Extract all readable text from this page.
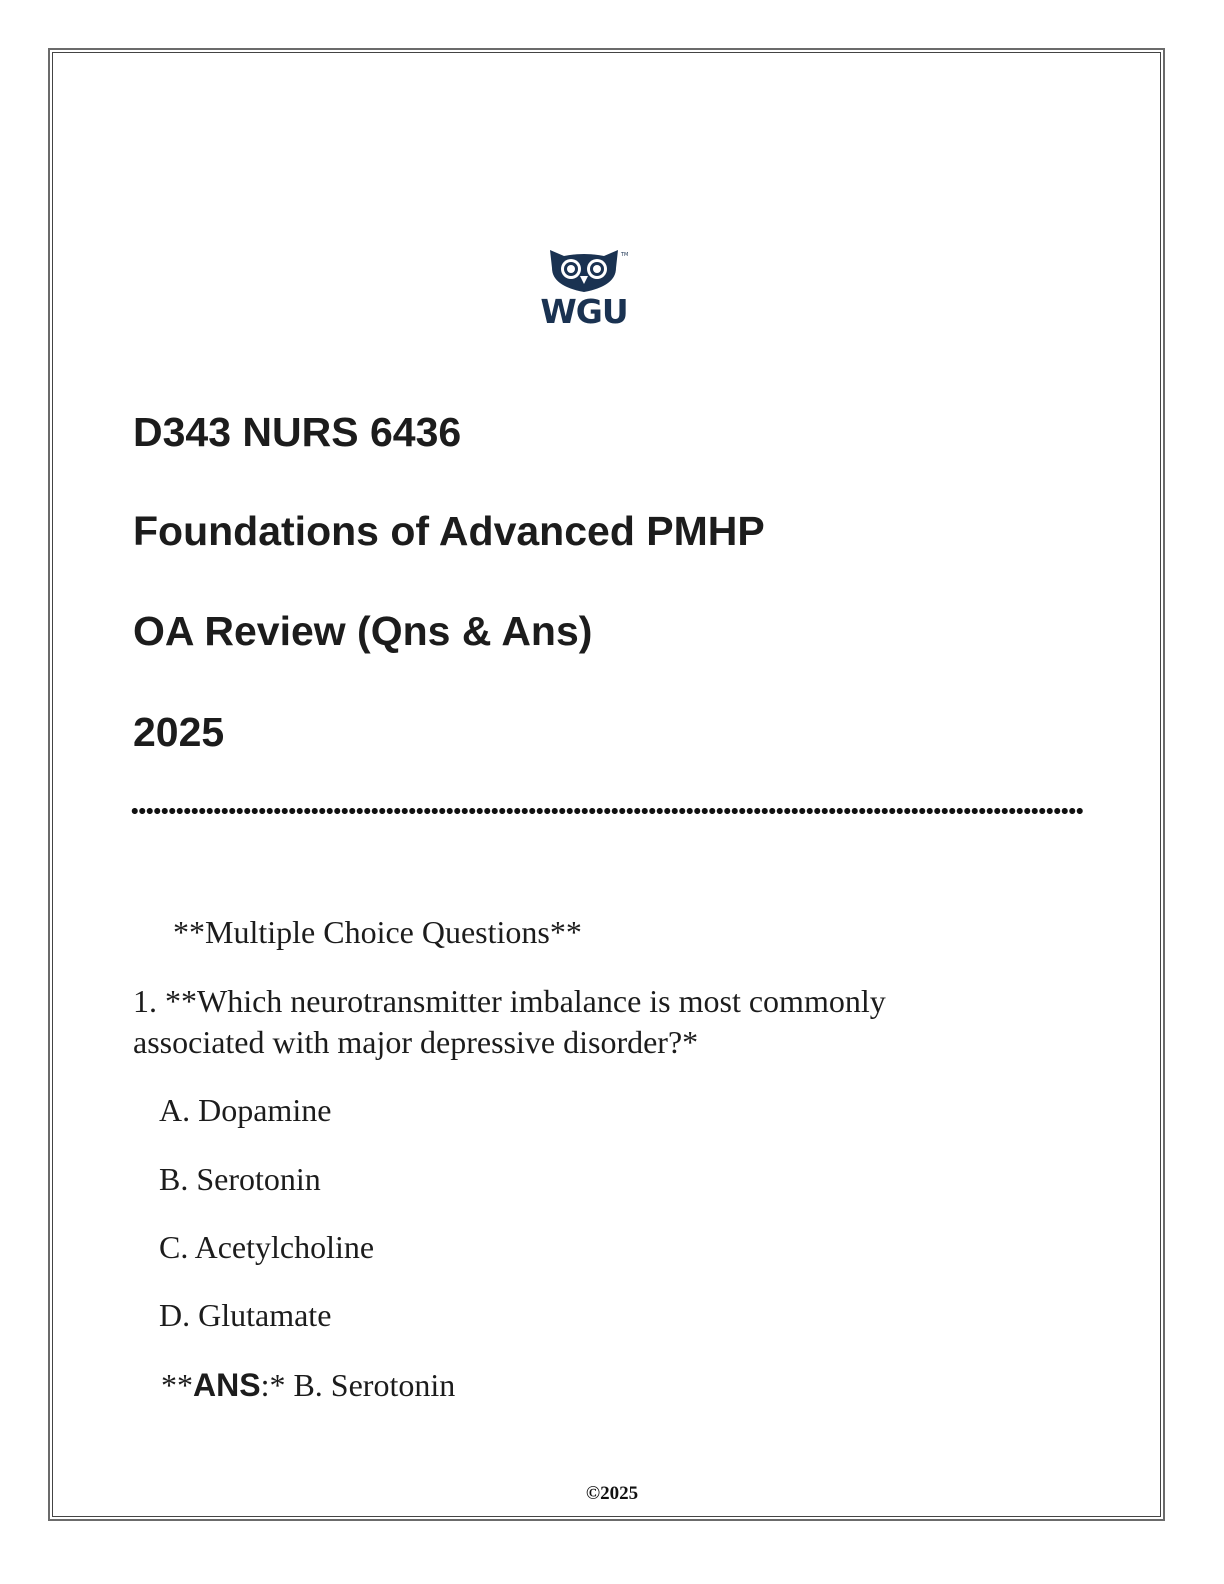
TM
WGU
D343 NURS 6436
Foundations of Advanced PMHP
OA Review (Qns & Ans)
2025
**Multiple Choice Questions**
1. **Which neurotransmitter imbalance is most commonly
associated with major depressive disorder?*
A. Dopamine
B. Serotonin
C. Acetylcholine
D. Glutamate
**ANS:* B. Serotonin
©2025
